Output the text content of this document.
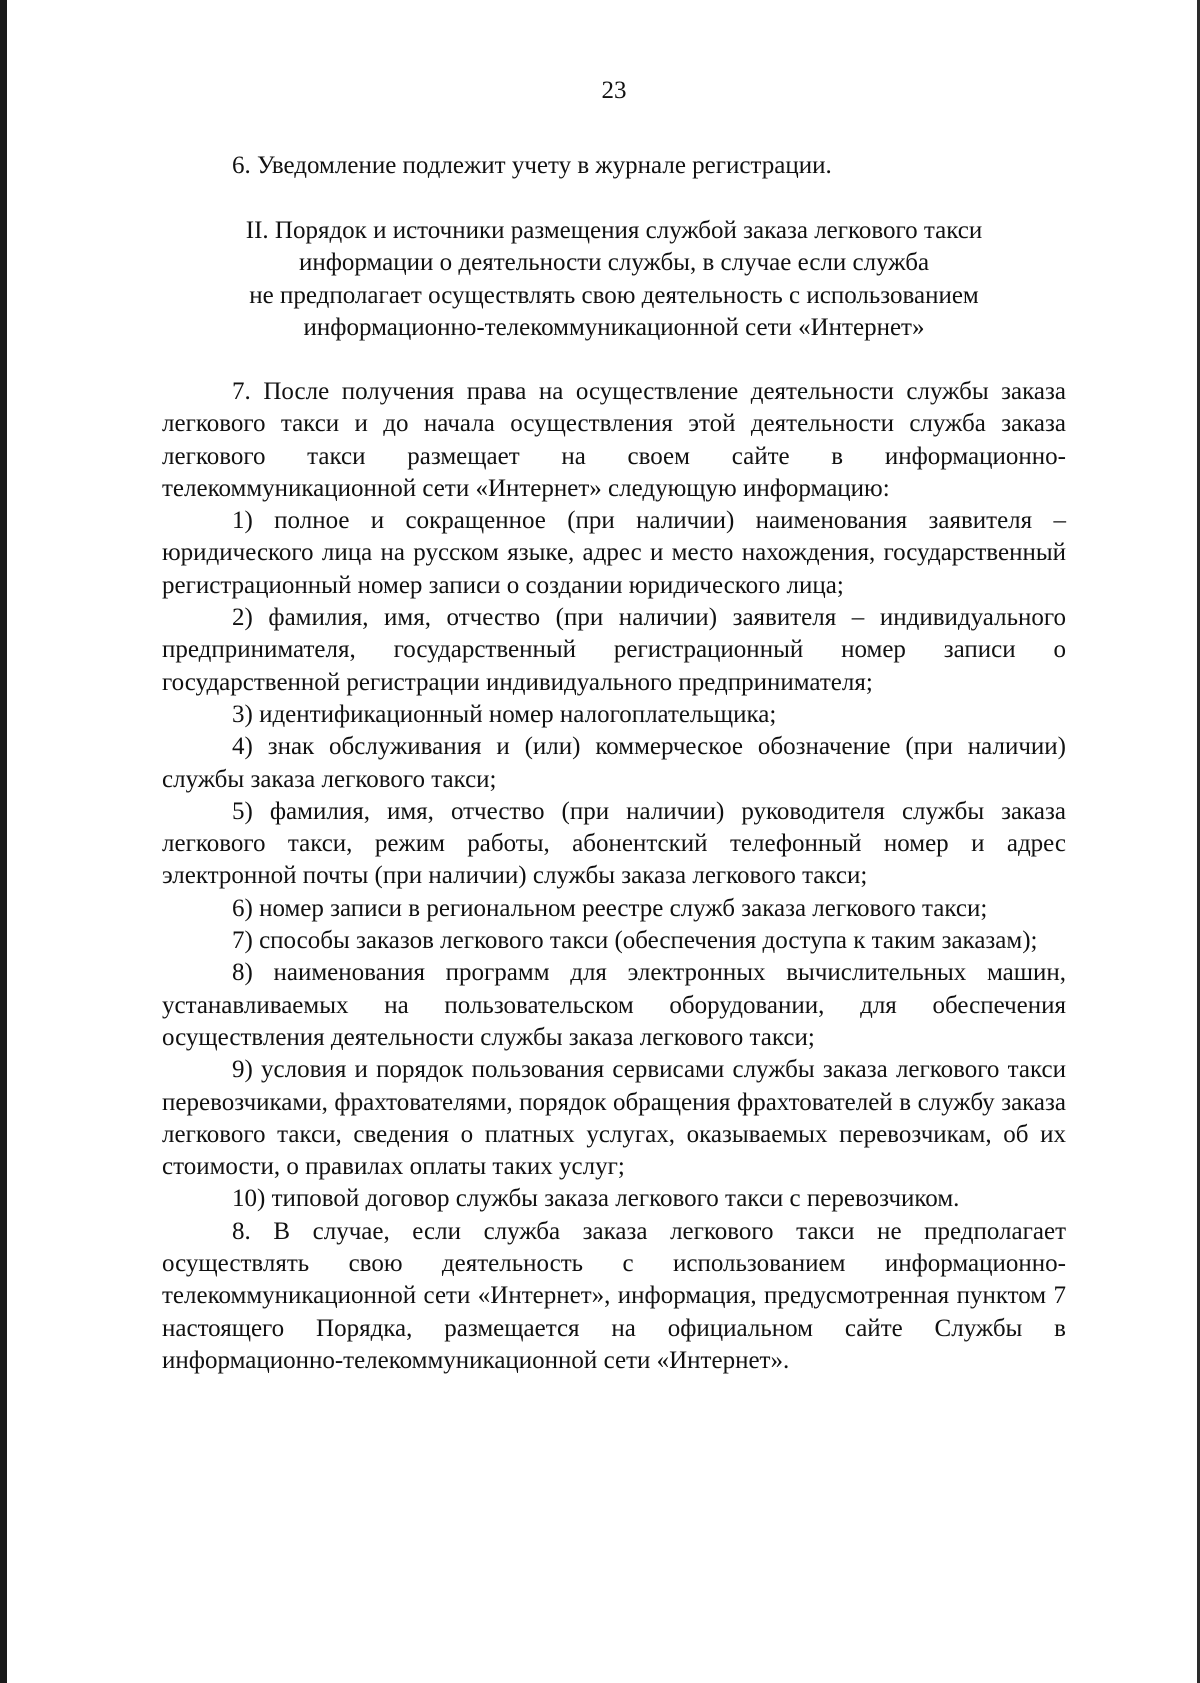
23
6. Уведомление подлежит учету в журнале регистрации.
II. Порядок и источники размещения службой заказа легкового такси
информации о деятельности службы, в случае если служба
не предполагает осуществлять свою деятельность с использованием
информационно-телекоммуникационной сети «Интернет»

7. После получения права на осуществление деятельности службы заказа легкового такси и до начала осуществления этой деятельности служба заказа легкового такси размещает на своем сайте в информационно-телекоммуникационной сети «Интернет» следующую информацию:

1) полное и сокращенное (при наличии) наименования заявителя – юридического лица на русском языке, адрес и место нахождения, государственный регистрационный номер записи о создании юридического лица;

2) фамилия, имя, отчество (при наличии) заявителя – индивидуального предпринимателя, государственный регистрационный номер записи о государственной регистрации индивидуального предпринимателя;

3) идентификационный номер налогоплательщика;

4) знак обслуживания и (или) коммерческое обозначение (при наличии) службы заказа легкового такси;

5) фамилия, имя, отчество (при наличии) руководителя службы заказа легкового такси, режим работы, абонентский телефонный номер и адрес электронной почты (при наличии) службы заказа легкового такси;

6) номер записи в региональном реестре служб заказа легкового такси;

7) способы заказов легкового такси (обеспечения доступа к таким заказам);

8) наименования программ для электронных вычислительных машин, устанавливаемых на пользовательском оборудовании, для обеспечения осуществления деятельности службы заказа легкового такси;

9) условия и порядок пользования сервисами службы заказа легкового такси перевозчиками, фрахтователями, порядок обращения фрахтователей в службу заказа легкового такси, сведения о платных услугах, оказываемых перевозчикам, об их стоимости, о правилах оплаты таких услуг;

10) типовой договор службы заказа легкового такси с перевозчиком.

8. В случае, если служба заказа легкового такси не предполагает осуществлять свою деятельность с использованием информационно-телекоммуникационной сети «Интернет», информация, предусмотренная пунктом 7 настоящего Порядка, размещается на официальном сайте Службы в информационно-телекоммуникационной сети «Интернет».
